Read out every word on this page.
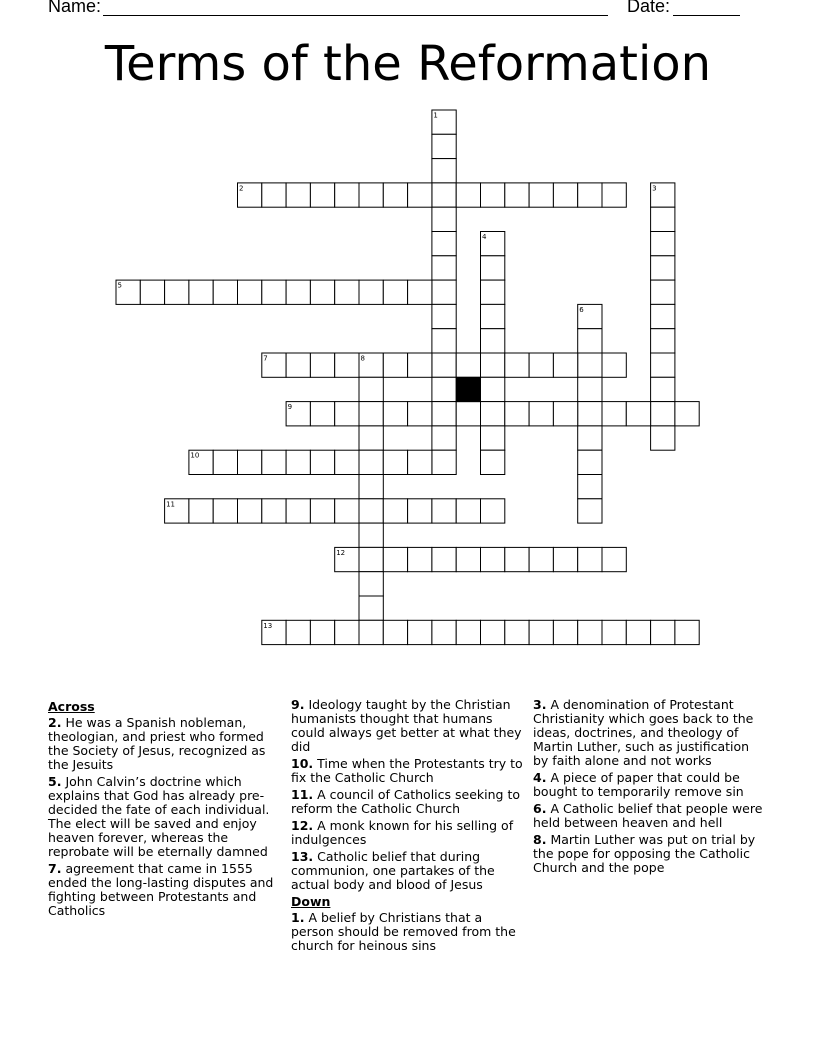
Name:	Date:
Terms of the Reformation
1
2	3
4
5
6
7	8
9
10
11
12
13
Across
2. He was a Spanish nobleman, theologian, and priest who formed the Society of Jesus, recognized as the Jesuits
5. John Calvin’s doctrine which explains that God has already pre-decided the fate of each individual. The elect will be saved and enjoy heaven forever, whereas the reprobate will be eternally damned
7. agreement that came in 1555 ended the long-lasting disputes and fighting between Protestants and Catholics
9. Ideology taught by the Christian humanists thought that humans could always get better at what they did
10. Time when the Protestants try to fix the Catholic Church
11. A council of Catholics seeking to reform the Catholic Church
12. A monk known for his selling of indulgences
13. Catholic belief that during communion, one partakes of the actual body and blood of Jesus
Down
1. A belief by Christians that a person should be removed from the church for heinous sins
3. A denomination of Protestant Christianity which goes back to the ideas, doctrines, and theology of Martin Luther, such as justification by faith alone and not works
4. A piece of paper that could be bought to temporarily remove sin
6. A Catholic belief that people were held between heaven and hell
8. Martin Luther was put on trial by the pope for opposing the Catholic Church and the pope
